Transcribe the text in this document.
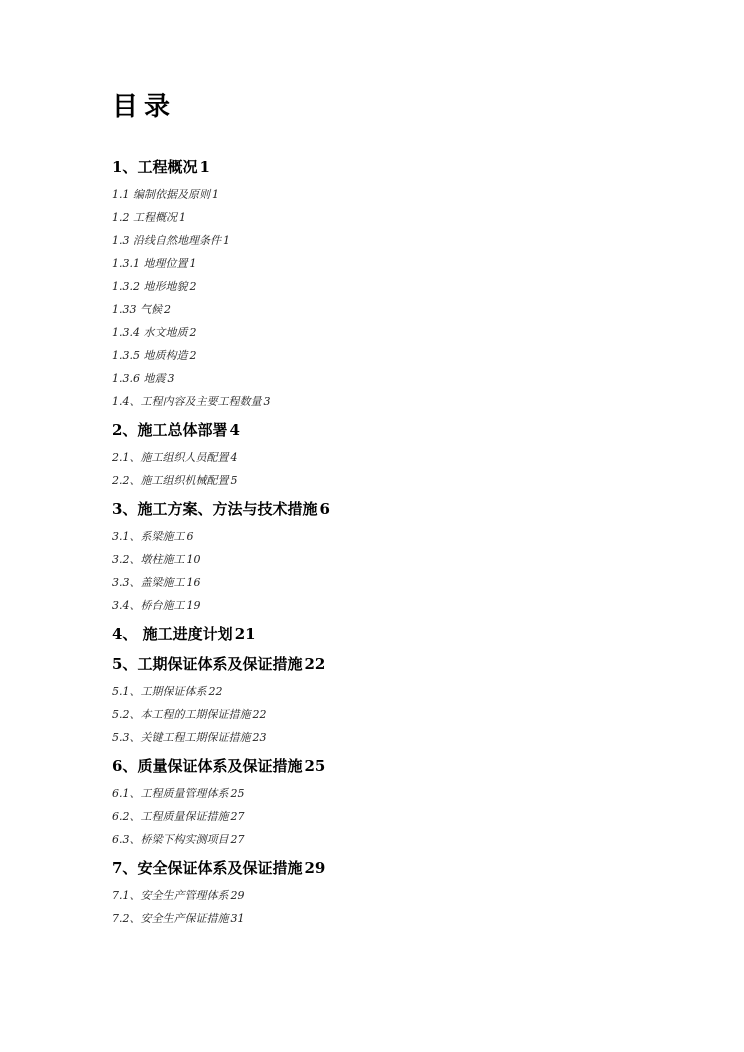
目录
1、工程概况 1
1.1 编制依据及原则 1
1.2 工程概况 1
1.3 沿线自然地理条件 1
1.3.1 地理位置 1
1.3.2 地形地貌 2
1.33 气候 2
1.3.4 水文地质 2
1.3.5 地质构造 2
1.3.6 地震 3
1.4、工程内容及主要工程数量 3
2、施工总体部署 4
2.1、施工组织人员配置 4
2.2、施工组织机械配置 5
3、施工方案、方法与技术措施 6
3.1、系梁施工 6
3.2、墩柱施工 10
3.3、盖梁施工 16
3.4、桥台施工 19
4、 施工进度计划 21
5、工期保证体系及保证措施 22
5.1、工期保证体系 22
5.2、本工程的工期保证措施 22
5.3、关键工程工期保证措施 23
6、质量保证体系及保证措施 25
6.1、工程质量管理体系 25
6.2、工程质量保证措施 27
6.3、桥梁下构实测项目 27
7、安全保证体系及保证措施 29
7.1、安全生产管理体系 29
7.2、安全生产保证措施 31
